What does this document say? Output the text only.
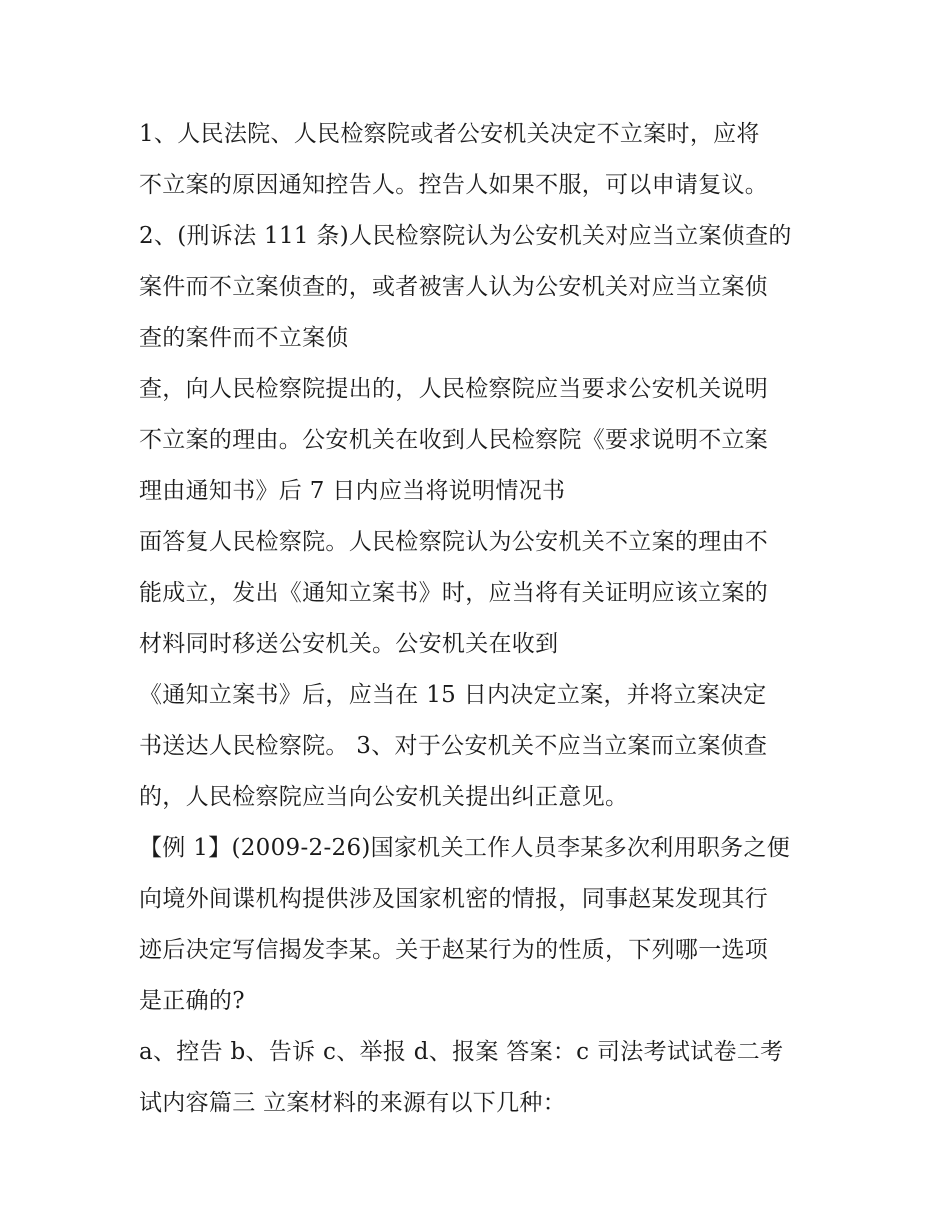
1、人民法院、人民检察院或者公安机关决定不立案时，应将
不立案的原因通知控告人。控告人如果不服，可以申请复议。
2、(刑诉法 111 条)人民检察院认为公安机关对应当立案侦查的
案件而不立案侦查的，或者被害人认为公安机关对应当立案侦
查的案件而不立案侦
查，向人民检察院提出的，人民检察院应当要求公安机关说明
不立案的理由。公安机关在收到人民检察院《要求说明不立案
理由通知书》后 7 日内应当将说明情况书
面答复人民检察院。人民检察院认为公安机关不立案的理由不
能成立，发出《通知立案书》时，应当将有关证明应该立案的
材料同时移送公安机关。公安机关在收到
《通知立案书》后，应当在 15 日内决定立案，并将立案决定
书送达人民检察院。 3、对于公安机关不应当立案而立案侦查
的，人民检察院应当向公安机关提出纠正意见。
【例 1】(2009-2-26)国家机关工作人员李某多次利用职务之便
向境外间谍机构提供涉及国家机密的情报，同事赵某发现其行
迹后决定写信揭发李某。关于赵某行为的性质，下列哪一选项
是正确的?
a、控告 b、告诉 c、举报 d、报案 答案：c 司法考试试卷二考
试内容篇三 立案材料的来源有以下几种：
